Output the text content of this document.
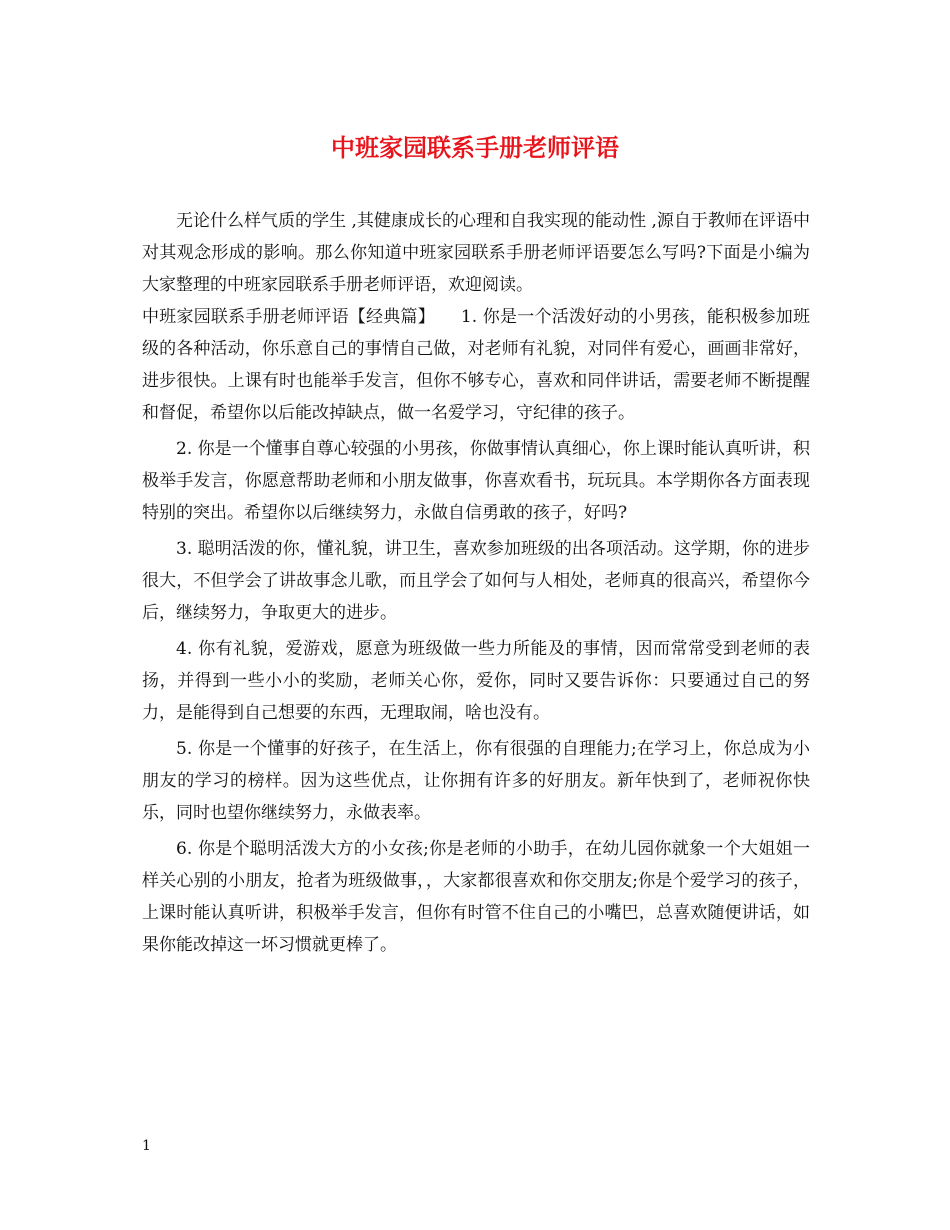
中班家园联系手册老师评语

无论什么样气质的学生 ,其健康成长的心理和自我实现的能动性 ,源自于教师在评语中对其观念形成的影响。那么你知道中班家园联系手册老师评语要怎么写吗?下面是小编为大家整理的中班家园联系手册老师评语，欢迎阅读。

中班家园联系手册老师评语【经典篇】　　1. 你是一个活泼好动的小男孩，能积极参加班级的各种活动，你乐意自己的事情自己做，对老师有礼貌，对同伴有爱心，画画非常好，进步很快。上课有时也能举手发言，但你不够专心，喜欢和同伴讲话，需要老师不断提醒和督促，希望你以后能改掉缺点，做一名爱学习，守纪律的孩子。

2. 你是一个懂事自尊心较强的小男孩，你做事情认真细心，你上课时能认真听讲，积极举手发言，你愿意帮助老师和小朋友做事，你喜欢看书，玩玩具。本学期你各方面表现特别的突出。希望你以后继续努力，永做自信勇敢的孩子，好吗?

3. 聪明活泼的你，懂礼貌，讲卫生，喜欢参加班级的出各项活动。这学期，你的进步很大，不但学会了讲故事念儿歌，而且学会了如何与人相处，老师真的很高兴，希望你今后，继续努力，争取更大的进步。

4. 你有礼貌，爱游戏，愿意为班级做一些力所能及的事情，因而常常受到老师的表扬，并得到一些小小的奖励，老师关心你，爱你，同时又要告诉你：只要通过自己的努力，是能得到自己想要的东西，无理取闹，啥也没有。

5. 你是一个懂事的好孩子，在生活上，你有很强的自理能力;在学习上，你总成为小朋友的学习的榜样。因为这些优点，让你拥有许多的好朋友。新年快到了，老师祝你快乐，同时也望你继续努力，永做表率。

6. 你是个聪明活泼大方的小女孩;你是老师的小助手，在幼儿园你就象一个大姐姐一样关心别的小朋友，抢者为班级做事，，大家都很喜欢和你交朋友;你是个爱学习的孩子，上课时能认真听讲，积极举手发言，但你有时管不住自己的小嘴巴，总喜欢随便讲话，如果你能改掉这一坏习惯就更棒了。

1
